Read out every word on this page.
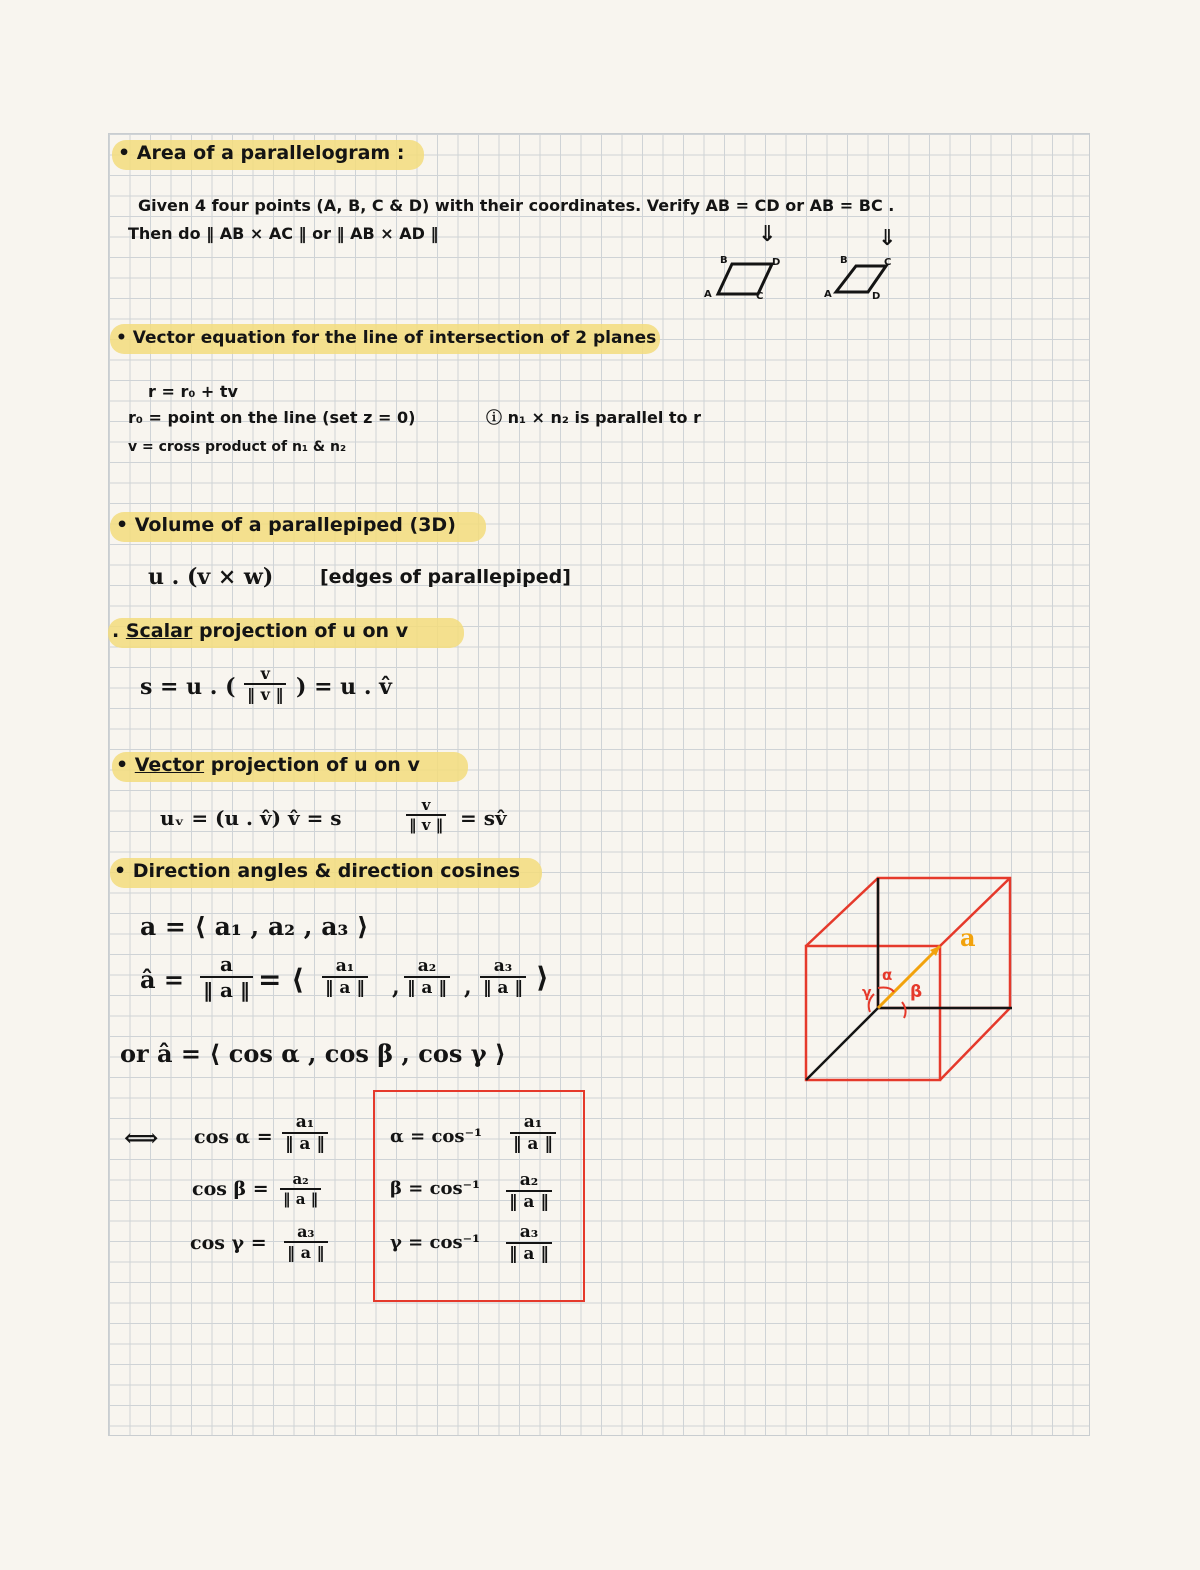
• Area of a parallelogram :
Given 4 four points (A, B, C & D) with their coordinates. Verify AB = CD or AB = BC .
Then do ‖ AB × AC ‖ or ‖ AB × AD ‖	⇓	⇓
A
B
C
D
A
B	C
D
• Vector equation for the line of intersection of 2 planes
r = r₀ + tv
r₀ = point on the line (set z = 0)	ⓘ n₁ × n₂ is parallel to r
v = cross product of n₁ & n₂
• Volume of a parallepiped (3D)
u . (v × w) [edges of parallepiped]
. Scalar projection of u on v
s = u . ( $\frac{v}{‖ v ‖}$ ) = u . v̂
• Vector projection of u on v
uᵥ = (u . v̂) v̂ = s	$\frac{v}{‖ v ‖}$ = sv̂
• Direction angles & direction cosines
a = ⟨ a₁ , a₂ , a₃ ⟩
â = $\frac{a}{‖ a ‖}$ = ⟨ $\frac{\text{a₁}}{‖ a ‖}$ , $\frac{\text{a₂}}{‖ a ‖}$ , $\frac{\text{a₃}}{‖ a ‖}$ ⟩
or â = ⟨ cos α , cos β , cos γ ⟩
⟺ $\cos \alpha = \frac{\text{a₁}}{‖ a ‖}$
$\cos \beta = \frac{\text{a₂}}{‖ a ‖}$
$\cos \gamma = \frac{\text{a₃}}{‖ a ‖}$
$\alpha = \cos^{-1} \frac{\text{a₁}}{‖ a ‖}$
$\beta = \cos^{-1} \frac{\text{a₂}}{‖ a ‖}$
$\gamma = \cos^{-1} \frac{\text{a₃}}{‖ a ‖}$
a
α
β
γ
